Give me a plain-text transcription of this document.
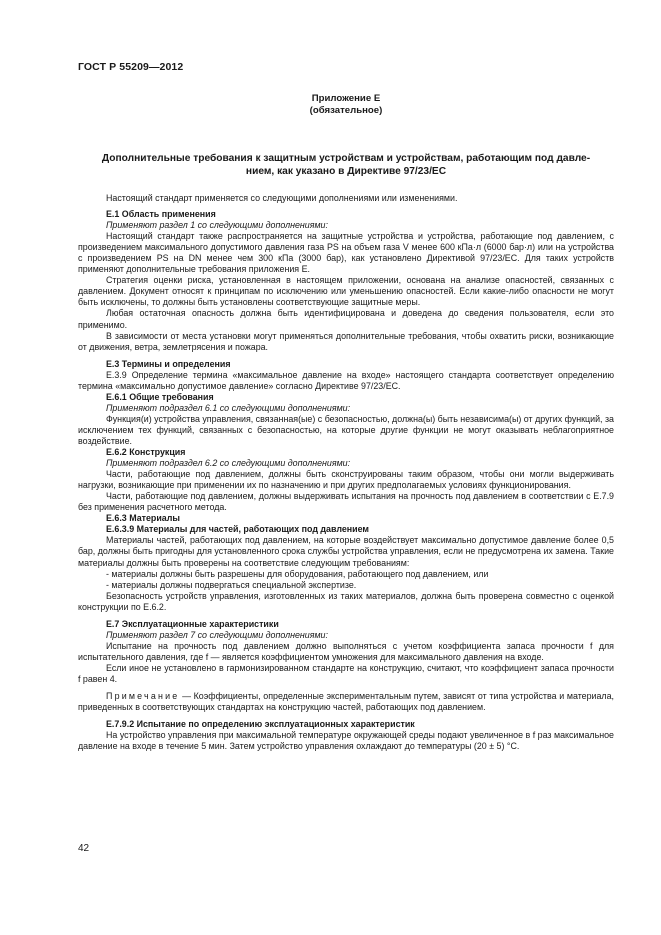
ГОСТ Р 55209—2012
Приложение Е
(обязательное)
Дополнительные требования к защитным устройствам и устройствам, работающим под давле-
нием, как указано в Директиве 97/23/ЕС

Настоящий стандарт применяется со следующими дополнениями или изменениями.

Е.1 Область применения

Применяют раздел 1 со следующими дополнениями:

Настоящий стандарт также распространяется на защитные устройства и устройства, работающие под давлением, с произведением максимального допустимого давления газа PS на объем газа V менее 600 кПа·л (6000 бар·л) или на устройства с произведением PS на DN менее чем 300 кПа (3000 бар), как установлено Директивой 97/23/ЕС. Для таких устройств применяют дополнительные требования приложения Е.

Стратегия оценки риска, установленная в настоящем приложении, основана на анализе опасностей, связанных с давлением. Документ относят к принципам по исключению или уменьшению опасностей. Если какие-либо опасности не могут быть исключены, то должны быть установлены соответствующие защитные меры.

Любая остаточная опасность должна быть идентифицирована и доведена до сведения пользователя, если это применимо.

В зависимости от места установки могут применяться дополнительные требования, чтобы охватить риски, возникающие от движения, ветра, землетрясения и пожара.

Е.3 Термины и определения

Е.3.9 Определение термина «максимальное давление на входе» настоящего стандарта соответствует определению термина «максимально допустимое давление» согласно Директиве 97/23/ЕС.

Е.6.1 Общие требования

Применяют подраздел 6.1 со следующими дополнениями:

Функция(и) устройства управления, связанная(ые) с безопасностью, должна(ы) быть независима(ы) от других функций, за исключением тех функций, связанных с безопасностью, на которые другие функции не могут оказывать неблагоприятное воздействие.

Е.6.2 Конструкция

Применяют подраздел 6.2 со следующими дополнениями:

Части, работающие под давлением, должны быть сконструированы таким образом, чтобы они могли выдерживать нагрузки, возникающие при применении их по назначению и при других предполагаемых условиях функционирования.

Части, работающие под давлением, должны выдерживать испытания на прочность под давлением в соответствии с Е.7.9 без применения расчетного метода.

Е.6.3 Материалы

Е.6.3.9 Материалы для частей, работающих под давлением

Материалы частей, работающих под давлением, на которые воздействует максимально допустимое давление более 0,5 бар, должны быть пригодны для установленного срока службы устройства управления, если не предусмотрена их замена. Такие материалы должны быть проверены на соответствие следующим требованиям:

- материалы должны быть разрешены для оборудования, работающего под давлением, или

- материалы должны подвергаться специальной экспертизе.

Безопасность устройств управления, изготовленных из таких материалов, должна быть проверена совместно с оценкой конструкции по Е.6.2.

Е.7 Эксплуатационные характеристики

Применяют раздел 7 со следующими дополнениями:

Испытание на прочность под давлением должно выполняться с учетом коэффициента запаса прочности f для испытательного давления, где f — является коэффициентом умножения для максимального давления на входе.

Если иное не установлено в гармонизированном стандарте на конструкцию, считают, что коэффициент запаса прочности f равен 4.

Примечание — Коэффициенты, определенные экспериментальным путем, зависят от типа устройства и материала, приведенных в соответствующих стандартах на конструкцию частей, работающих под давлением.

Е.7.9.2 Испытание по определению эксплуатационных характеристик

На устройство управления при максимальной температуре окружающей среды подают увеличенное в f раз максимальное давление на входе в течение 5 мин. Затем устройство управления охлаждают до температуры (20 ± 5) °С.

42
